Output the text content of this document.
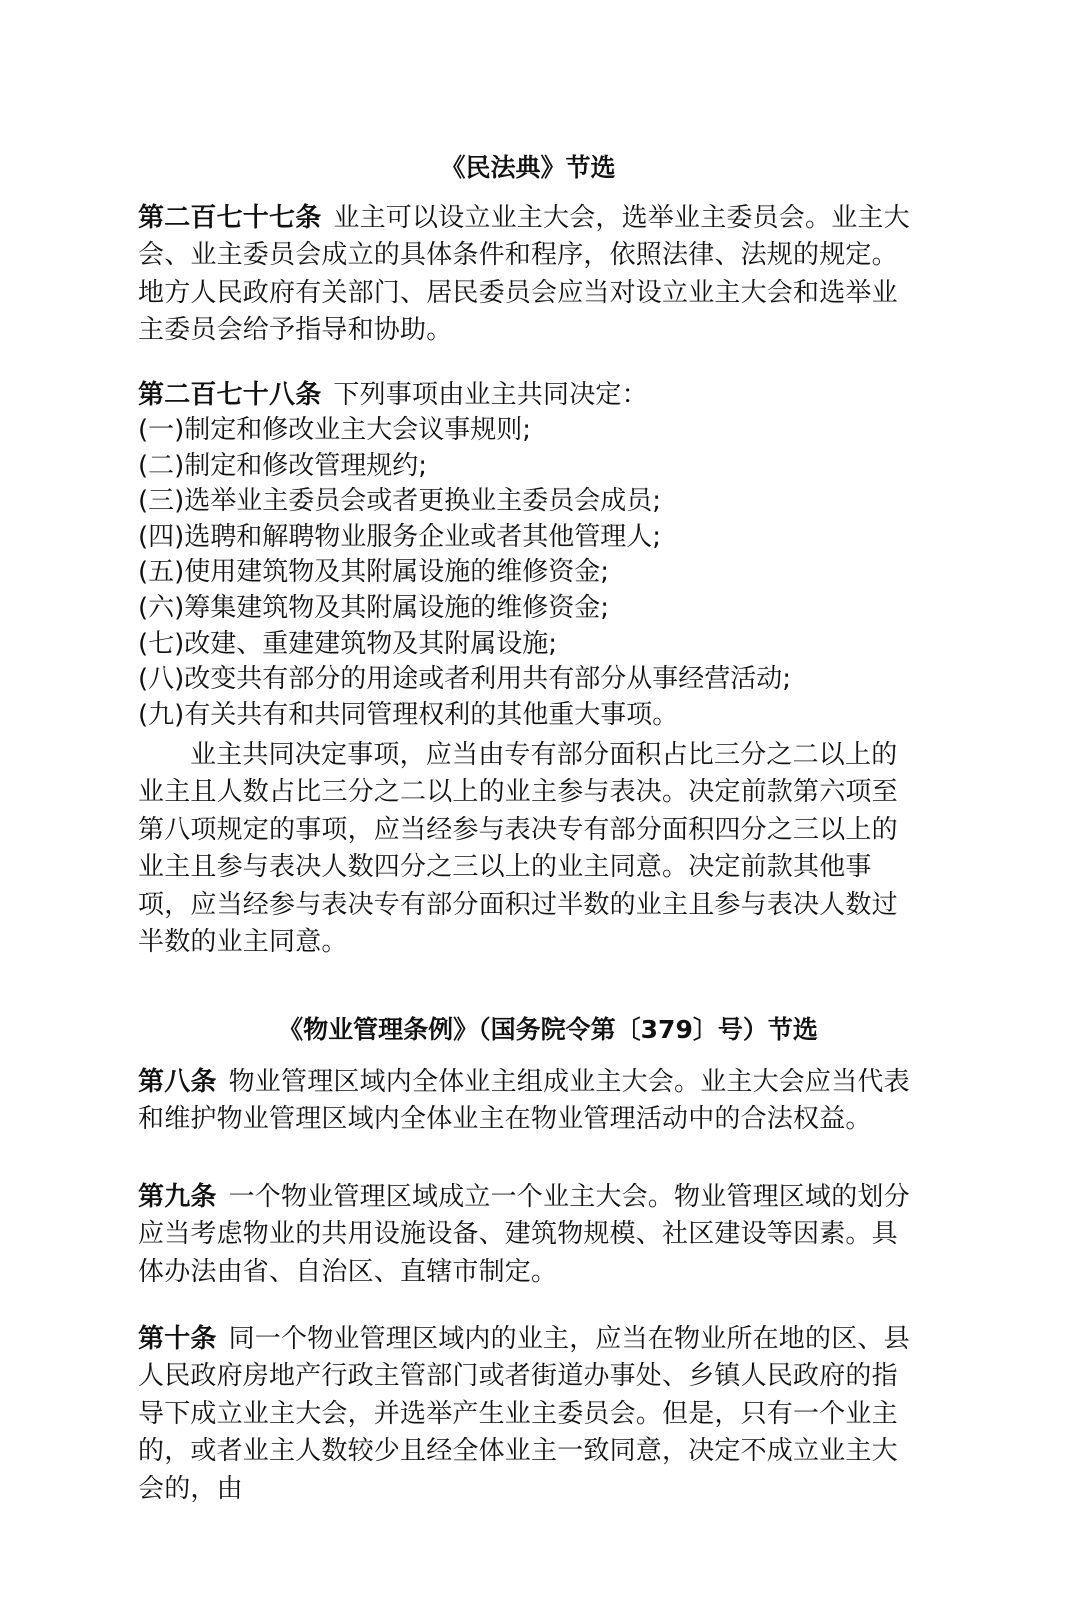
《民法典》节选

第二百七十七条 业主可以设立业主大会，选举业主委员会。业主大会、业主委员会成立的具体条件和程序，依照法律、法规的规定。地方人民政府有关部门、居民委员会应当对设立业主大会和选举业主委员会给予指导和协助。

第二百七十八条 下列事项由业主共同决定：

(一)制定和修改业主大会议事规则;
(二)制定和修改管理规约;
(三)选举业主委员会或者更换业主委员会成员;
(四)选聘和解聘物业服务企业或者其他管理人;
(五)使用建筑物及其附属设施的维修资金;
(六)筹集建筑物及其附属设施的维修资金;
(七)改建、重建建筑物及其附属设施;
(八)改变共有部分的用途或者利用共有部分从事经营活动;
(九)有关共有和共同管理权利的其他重大事项。

业主共同决定事项，应当由专有部分面积占比三分之二以上的业主且人数占比三分之二以上的业主参与表决。决定前款第六项至第八项规定的事项，应当经参与表决专有部分面积四分之三以上的业主且参与表决人数四分之三以上的业主同意。决定前款其他事项，应当经参与表决专有部分面积过半数的业主且参与表决人数过半数的业主同意。

《物业管理条例》（国务院令第〔379〕号）节选

第八条 物业管理区域内全体业主组成业主大会。业主大会应当代表和维护物业管理区域内全体业主在物业管理活动中的合法权益。

第九条 一个物业管理区域成立一个业主大会。物业管理区域的划分应当考虑物业的共用设施设备、建筑物规模、社区建设等因素。具体办法由省、自治区、直辖市制定。

第十条 同一个物业管理区域内的业主，应当在物业所在地的区、县人民政府房地产行政主管部门或者街道办事处、乡镇人民政府的指导下成立业主大会，并选举产生业主委员会。但是，只有一个业主的，或者业主人数较少且经全体业主一致同意，决定不成立业主大会的，由
